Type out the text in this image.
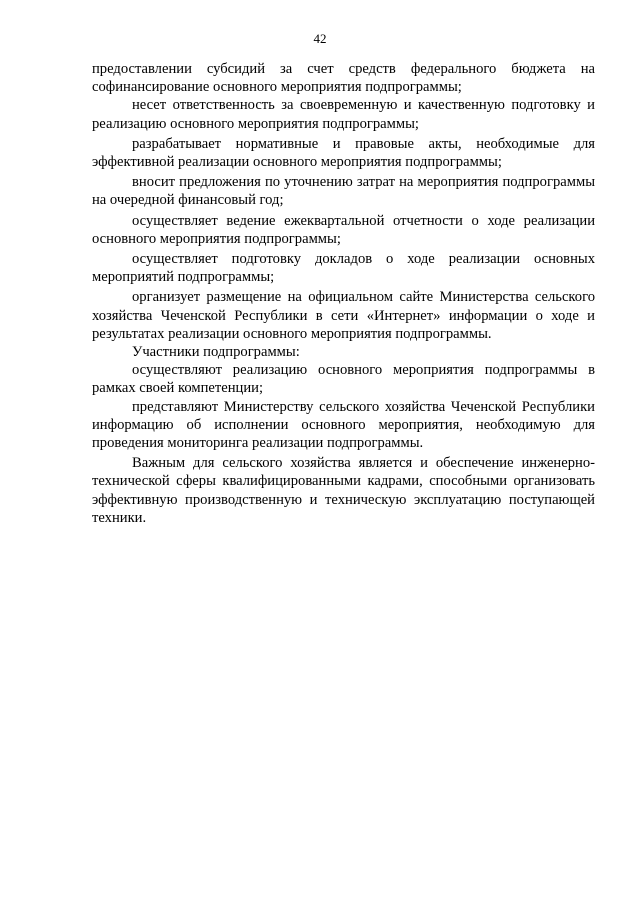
42

предоставлении субсидий за счет средств федерального бюджета на софинансирование основного мероприятия подпрограммы;

несет ответственность за своевременную и качественную подготовку и реализацию основного мероприятия подпрограммы;

разрабатывает нормативные и правовые акты, необходимые для эффективной реализации основного мероприятия подпрограммы;

вносит предложения по уточнению затрат на мероприятия подпрограммы на очередной финансовый год;

осуществляет ведение ежеквартальной отчетности о ходе реализации основного мероприятия подпрограммы;

осуществляет подготовку докладов о ходе реализации основных мероприятий подпрограммы;

организует размещение на официальном сайте Министерства сельского хозяйства Чеченской Республики в сети «Интернет» информации о ходе и результатах реализации основного мероприятия подпрограммы.

Участники подпрограммы:

осуществляют реализацию основного мероприятия подпрограммы в рамках своей компетенции;

представляют Министерству сельского хозяйства Чеченской Республики информацию об исполнении основного мероприятия, необходимую для проведения мониторинга реализации подпрограммы.

Важным для сельского хозяйства является и обеспечение инженерно-технической сферы квалифицированными кадрами, способными организовать эффективную производственную и техническую эксплуатацию поступающей техники.
